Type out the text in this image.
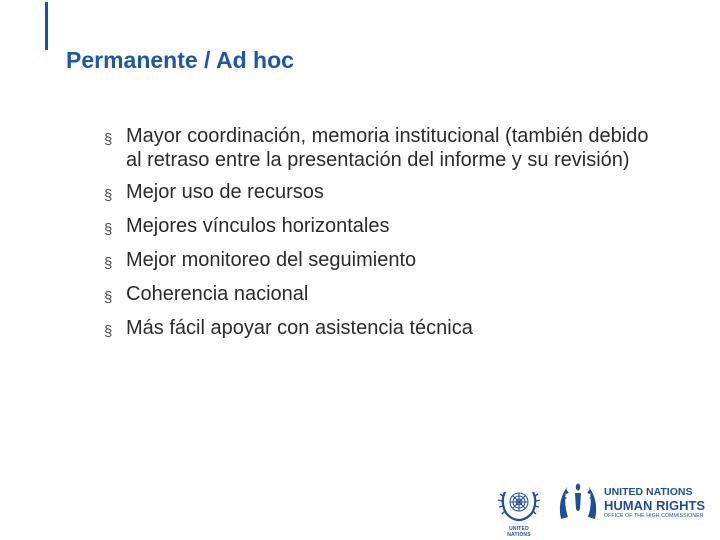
Permanente / Ad hoc
§ Mayor coordinación, memoria institucional (también debido al retraso entre la presentación del informe y su revisión)
§ Mejor uso de recursos
§ Mejores vínculos horizontales
§ Mejor monitoreo del seguimiento
§ Coherencia nacional
§ Más fácil apoyar con asistencia técnica
UNITED NATIONS
UNITED NATIONS
HUMAN RIGHTS
OFFICE OF THE HIGH COMMISSIONER
